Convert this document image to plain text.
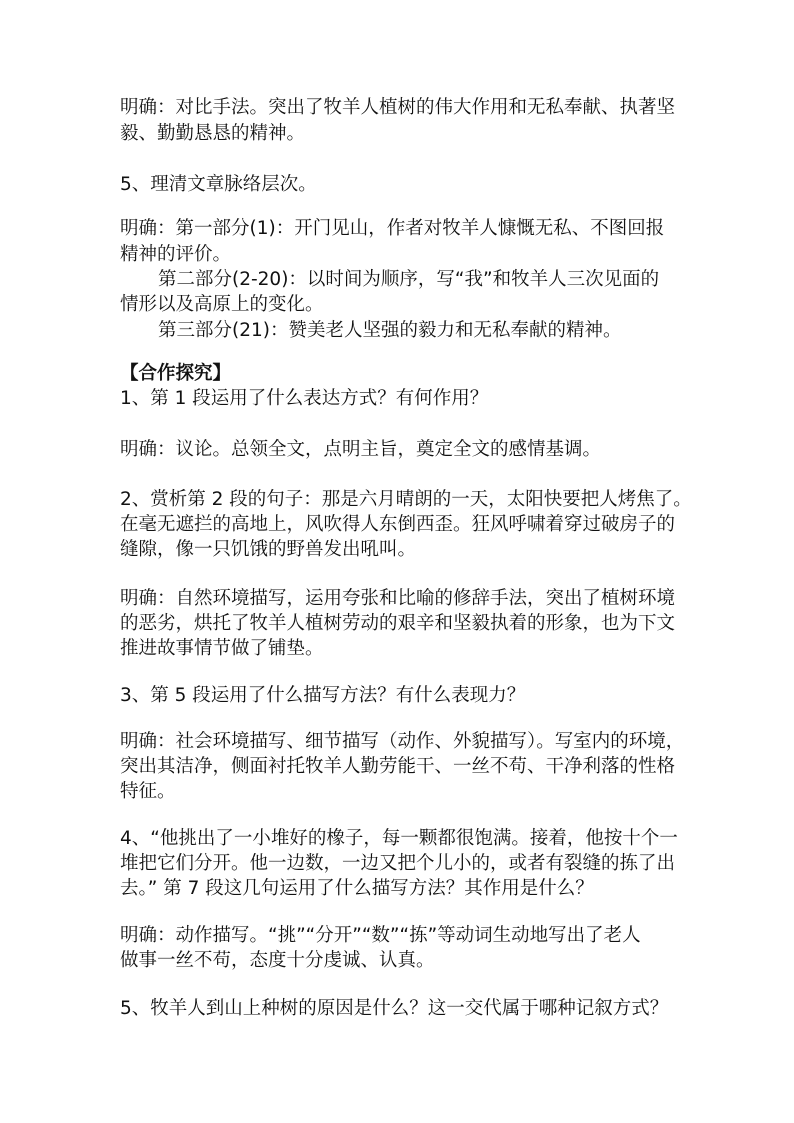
明确：对比手法。突出了牧羊人植树的伟大作用和无私奉献、执著坚
毅、勤勤恳恳的精神。
5、理清文章脉络层次。
明确：第一部分(1)：开门见山，作者对牧羊人慷慨无私、不图回报
精神的评价。
第二部分(2-20)：以时间为顺序，写“我”和牧羊人三次见面的
情形以及高原上的变化。
第三部分(21)：赞美老人坚强的毅力和无私奉献的精神。
【合作探究】
1、第 1 段运用了什么表达方式？有何作用？
明确：议论。总领全文，点明主旨，奠定全文的感情基调。
2、赏析第 2 段的句子：那是六月晴朗的一天，太阳快要把人烤焦了。
在毫无遮拦的高地上，风吹得人东倒西歪。狂风呼啸着穿过破房子的
缝隙，像一只饥饿的野兽发出吼叫。
明确：自然环境描写，运用夸张和比喻的修辞手法，突出了植树环境
的恶劣，烘托了牧羊人植树劳动的艰辛和坚毅执着的形象，也为下文
推进故事情节做了铺垫。
3、第 5 段运用了什么描写方法？有什么表现力？
明确：社会环境描写、细节描写（动作、外貌描写）。写室内的环境，
突出其洁净，侧面衬托牧羊人勤劳能干、一丝不苟、干净利落的性格
特征。
4、“他挑出了一小堆好的橡子，每一颗都很饱满。接着，他按十个一
堆把它们分开。他一边数，一边又把个儿小的，或者有裂缝的拣了出
去。” 第 7 段这几句运用了什么描写方法？其作用是什么？
明确：动作描写。“挑”“分开”“数”“拣”等动词生动地写出了老人
做事一丝不苟，态度十分虔诚、认真。
5、牧羊人到山上种树的原因是什么？这一交代属于哪种记叙方式？
